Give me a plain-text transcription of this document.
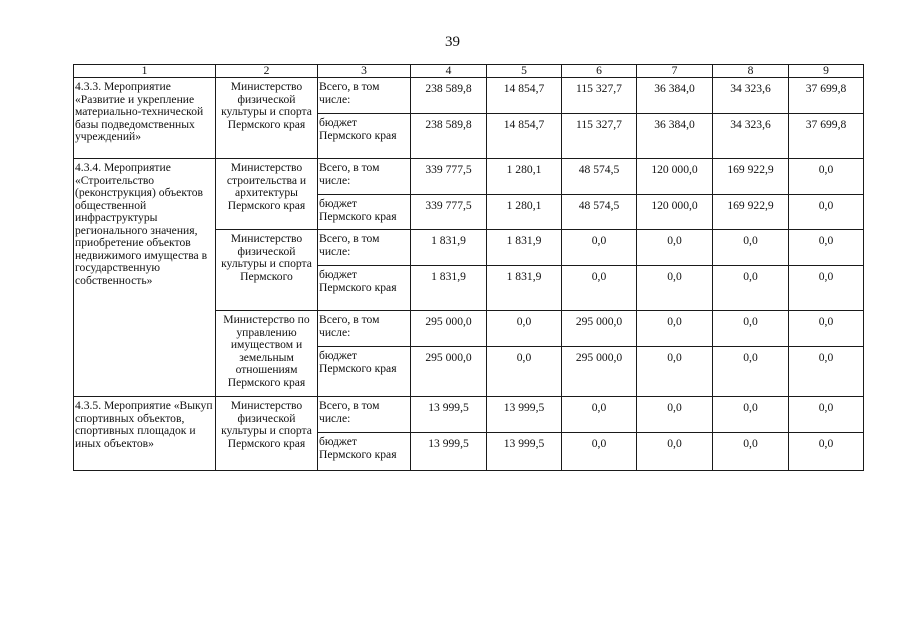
39
1	2	3	4	5	6	7	8	9
4.3.3. Мероприятие «Развитие и укрепление материально-технической базы подведомственных учреждений»	Министерство физической культуры и спорта Пермского края	Всего, в том числе:	238 589,8	14 854,7	115 327,7	36 384,0	34 323,6	37 699,8
		бюджет Пермского края	238 589,8	14 854,7	115 327,7	36 384,0	34 323,6	37 699,8
4.3.4. Мероприятие «Строительство (реконструкция) объектов общественной инфраструктуры регионального значения, приобретение объектов недвижимого имущества в государственную собственность»	Министерство строительства и архитектуры Пермского края	Всего, в том числе:	339 777,5	1 280,1	48 574,5	120 000,0	169 922,9	0,0
		бюджет Пермского края	339 777,5	1 280,1	48 574,5	120 000,0	169 922,9	0,0
	Министерство физической культуры и спорта Пермского	Всего, в том числе:	1 831,9	1 831,9	0,0	0,0	0,0	0,0
		бюджет Пермского края	1 831,9	1 831,9	0,0	0,0	0,0	0,0
	Министерство по управлению имуществом и земельным отношениям Пермского края	Всего, в том числе:	295 000,0	0,0	295 000,0	0,0	0,0	0,0
		бюджет Пермского края	295 000,0	0,0	295 000,0	0,0	0,0	0,0
4.3.5. Мероприятие «Выкуп спортивных объектов, спортивных площадок и иных объектов»	Министерство физической культуры и спорта Пермского края	Всего, в том числе:	13 999,5	13 999,5	0,0	0,0	0,0	0,0
		бюджет Пермского края	13 999,5	13 999,5	0,0	0,0	0,0	0,0
